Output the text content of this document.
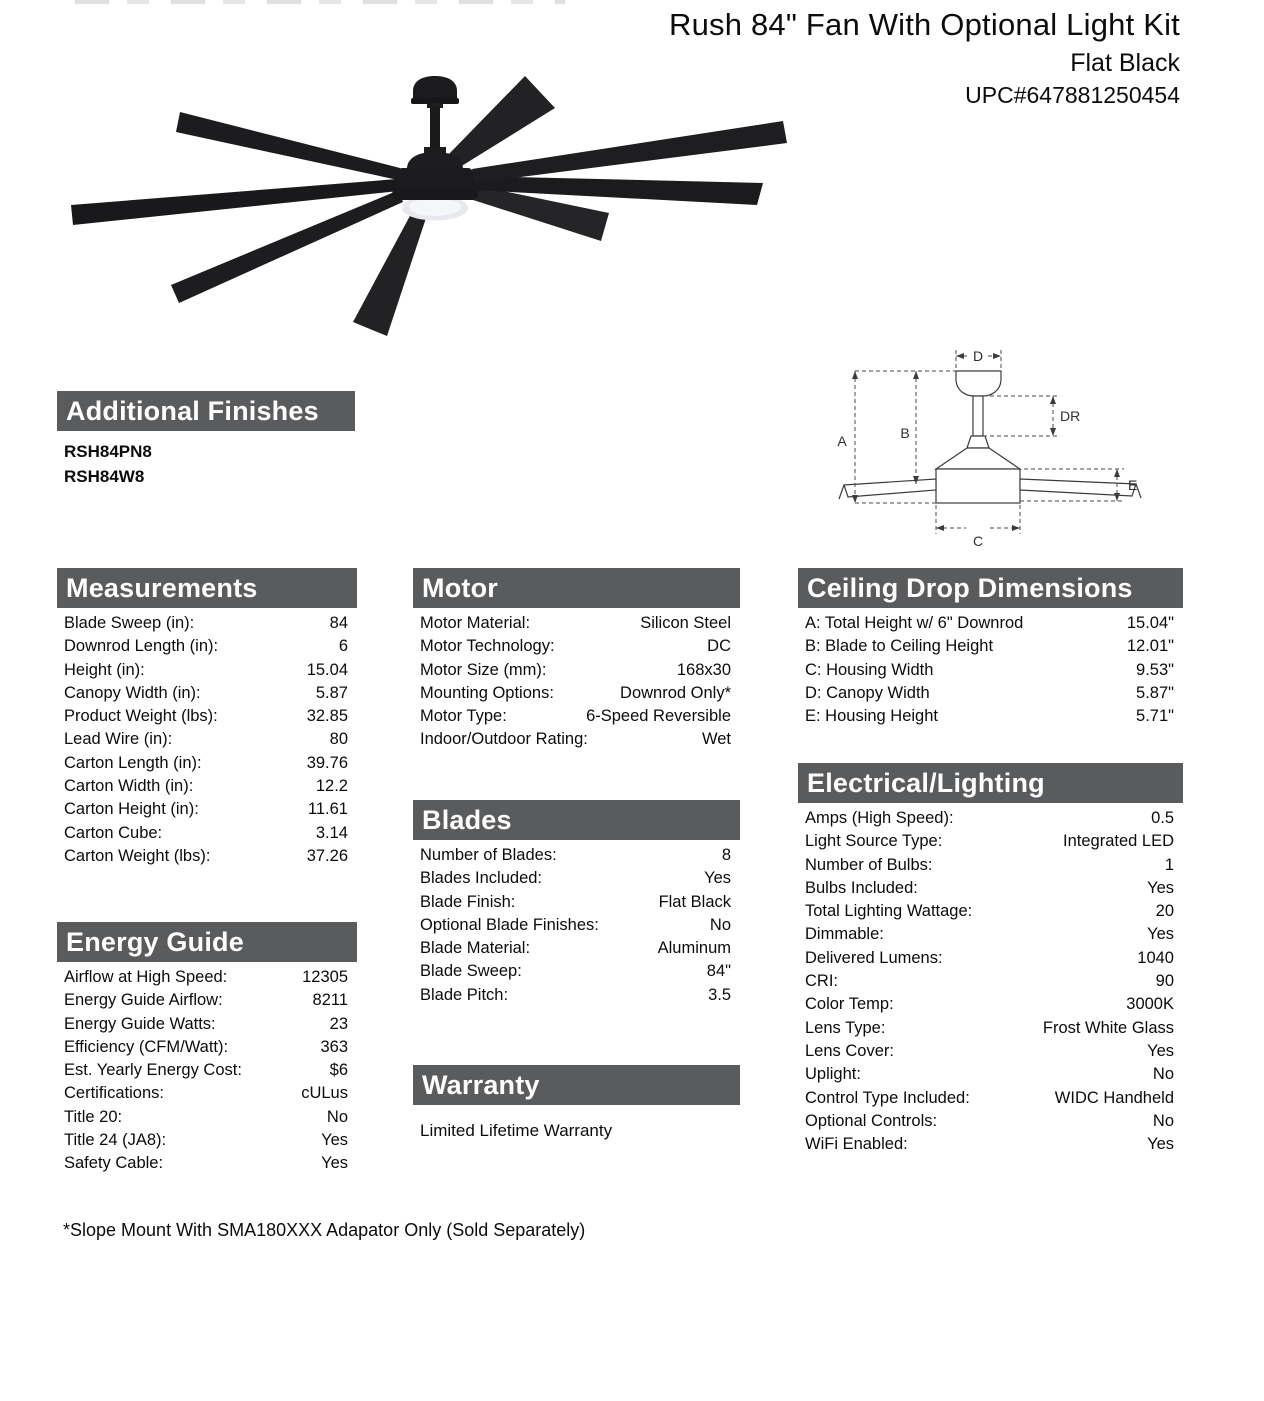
Rush 84" Fan With Optional Light Kit
Flat Black
UPC#647881250454
A	B
C
D
E
DR
Additional Finishes
RSH84PN8
RSH84W8
Measurements
Blade Sweep (in):	84
Downrod Length (in):	6
Height (in):	15.04
Canopy Width (in):	5.87
Product Weight (lbs):	32.85
Lead Wire (in):	80
Carton Length (in):	39.76
Carton Width (in):	12.2
Carton Height (in):	11.61
Carton Cube:	3.14
Carton Weight (lbs):	37.26
Energy Guide
Airflow at High Speed:	12305
Energy Guide Airflow:	8211
Energy Guide Watts:	23
Efficiency (CFM/Watt):	363
Est. Yearly Energy Cost:	$6
Certifications:	cULus
Title 20:	No
Title 24 (JA8):	Yes
Safety Cable:	Yes
Motor
Motor Material:	Silicon Steel
Motor Technology:	DC
Motor Size (mm):	168x30
Mounting Options:	Downrod Only*
Motor Type:	6-Speed Reversible
Indoor/Outdoor Rating:	Wet
Blades
Number of Blades:	8
Blades Included:	Yes
Blade Finish:	Flat Black
Optional Blade Finishes:	No
Blade Material:	Aluminum
Blade Sweep:	84"
Blade Pitch:	3.5
Warranty
Limited Lifetime Warranty
Ceiling Drop Dimensions
A: Total Height w/ 6" Downrod	15.04"
B: Blade to Ceiling Height	12.01"
C: Housing Width	9.53"
D: Canopy Width	5.87"
E: Housing Height	5.71"
Electrical/Lighting
Amps (High Speed):	0.5
Light Source Type:	Integrated LED
Number of Bulbs:	1
Bulbs Included:	Yes
Total Lighting Wattage:	20
Dimmable:	Yes
Delivered Lumens:	1040
CRI:	90
Color Temp:	3000K
Lens Type:	Frost White Glass
Lens Cover:	Yes
Uplight:	No
Control Type Included:	WIDC Handheld
Optional Controls:	No
WiFi Enabled:	Yes
*Slope Mount With SMA180XXX Adapator Only (Sold Separately)
